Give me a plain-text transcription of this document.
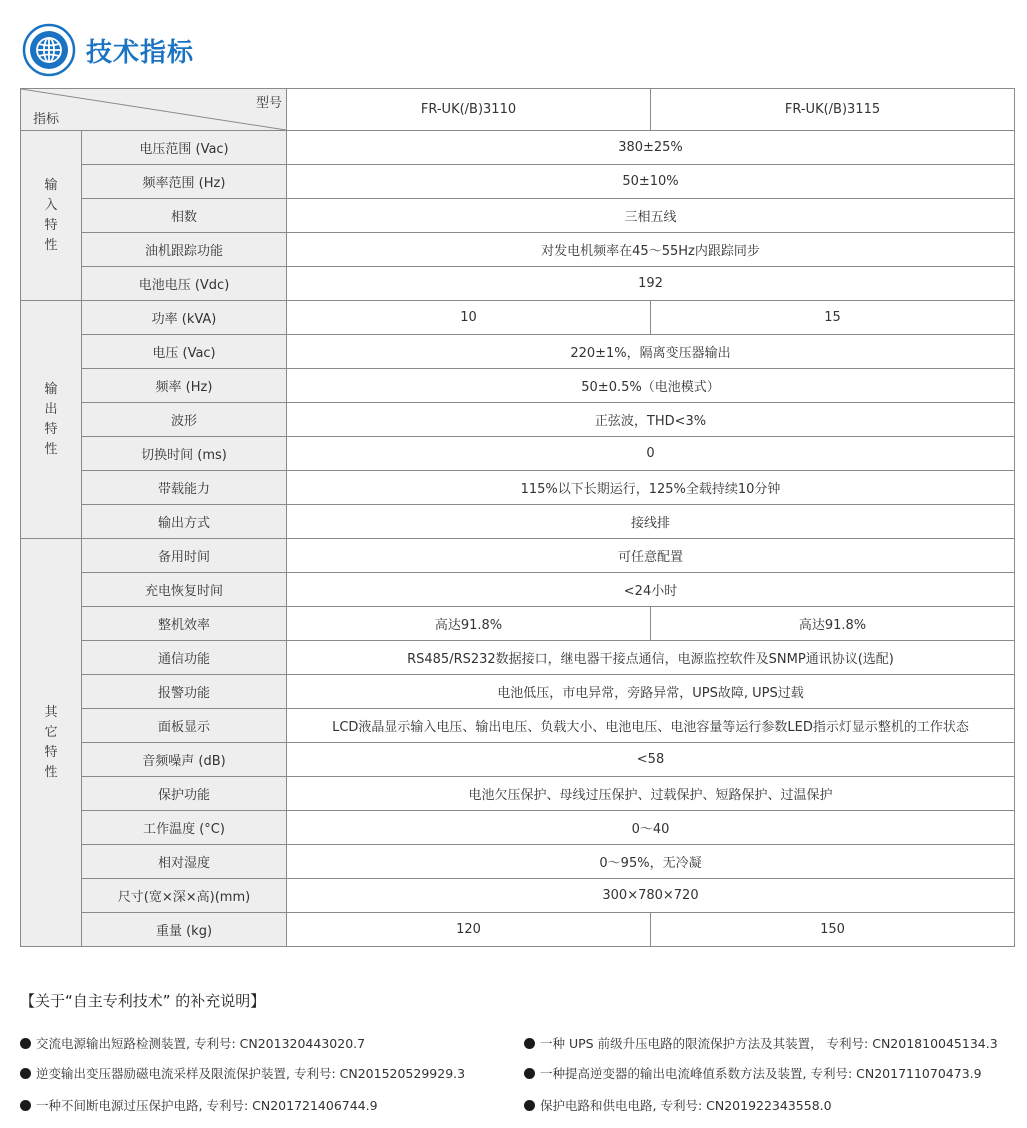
技术指标
型号
指标		FR-UK(/B)3110	FR-UK(/B)3115
输入特性	电压范围 (Vac)	380±25%	
	频率范围 (Hz)	50±10%	
	相数	三相五线	
	油机跟踪功能	对发电机频率在45～55Hz内跟踪同步	
	电池电压 (Vdc)	192	
输出特性	功率 (kVA)	10	15
	电压 (Vac)	220±1%，隔离变压器输出	
	频率 (Hz)	50±0.5%（电池模式）	
	波形	正弦波，THD<3%	
	切换时间 (ms)	0	
	带载能力	115%以下长期运行，125%全载持续10分钟	
	输出方式	接线排	
其它特性	备用时间	可任意配置	
	充电恢复时间	<24小时	
	整机效率	高达91.8%	高达91.8%
	通信功能	RS485/RS232数据接口，继电器干接点通信，电源监控软件及SNMP通讯协议(选配)	
	报警功能	电池低压，市电异常，旁路异常，UPS故障, UPS过载	
	面板显示	LCD液晶显示输入电压、输出电压、负载大小、电池电压、电池容量等运行参数LED指示灯显示整机的工作状态	
	音频噪声 (dB)	<58	
	保护功能	电池欠压保护、母线过压保护、过载保护、短路保护、过温保护	
	工作温度 (°C)	0～40	
	相对湿度	0～95%，无冷凝	
	尺寸(宽×深×高)(mm)	300×780×720	
	重量 (kg)	120	150
【关于“自主专利技术” 的补充说明】
交流电源输出短路检测装置, 专利号: CN201320443020.7
逆变输出变压器励磁电流采样及限流保护装置, 专利号: CN201520529929.3
一种不间断电源过压保护电路, 专利号: CN201721406744.9
一种 UPS 前级升压电路的限流保护方法及其装置， 专利号: CN201810045134.3
一种提高逆变器的输出电流峰值系数方法及装置, 专利号: CN201711070473.9
保护电路和供电电路, 专利号: CN201922343558.0
